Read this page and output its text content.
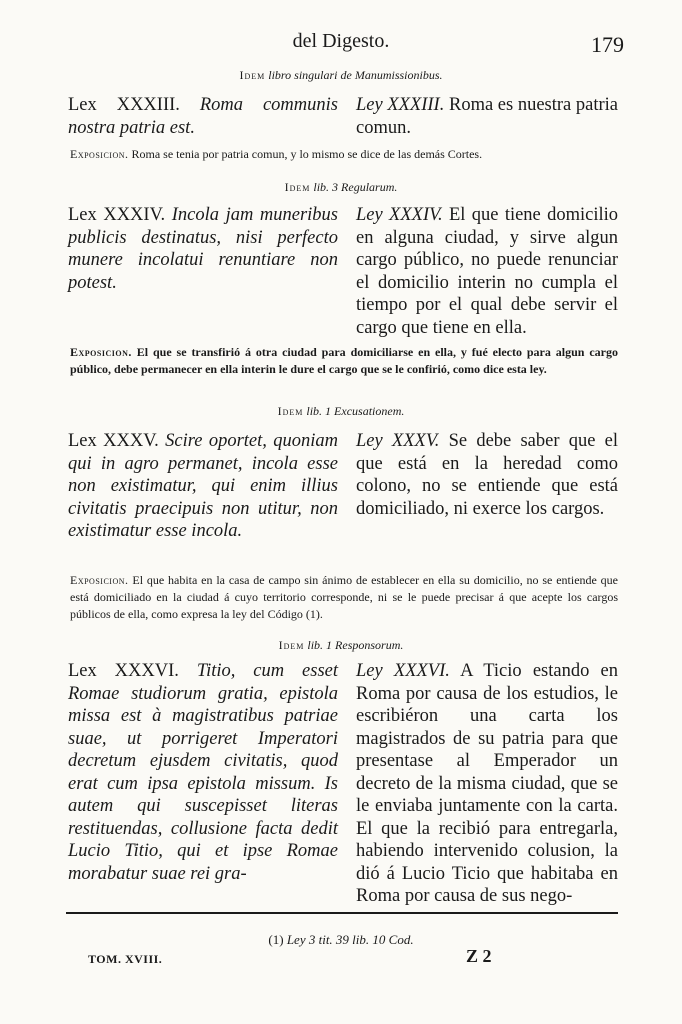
del Digesto.	179
Idem libro singulari de Manumissionibus.

Lex XXXIII. Roma communis nostra patria est.

Ley XXXIII. Roma es nuestra patria comun.

Exposicion. Roma se tenia por patria comun, y lo mismo se dice de las demás Cortes.

Idem lib. 3 Regularum.

Lex XXXIV. Incola jam muneribus publicis destinatus, nisi perfecto munere incolatui renuntiare non potest.

Ley XXXIV. El que tiene domicilio en alguna ciudad, y sirve algun cargo público, no puede renunciar el domicilio interin no cumpla el tiempo por el qual debe servir el cargo que tiene en ella.

Exposicion. El que se transfirió á otra ciudad para domiciliarse en ella, y fué electo para algun cargo público, debe permanecer en ella interin le dure el cargo que se le confirió, como dice esta ley.

Idem lib. 1 Excusationem.

Lex XXXV. Scire oportet, quoniam qui in agro permanet, incola esse non existimatur, qui enim illius civitatis praecipuis non utitur, non existimatur esse incola.

Ley XXXV. Se debe saber que el que está en la heredad como colono, no se entiende que está domiciliado, ni exerce los cargos.

Exposicion. El que habita en la casa de campo sin ánimo de establecer en ella su domicilio, no se entiende que está domiciliado en la ciudad á cuyo territorio corresponde, ni se le puede precisar á que acepte los cargos públicos de ella, como expresa la ley del Código (1).

Idem lib. 1 Responsorum.

Lex XXXVI. Titio, cum esset Romae studiorum gratia, epistola missa est à magistratibus patriae suae, ut porrigeret Imperatori decretum ejusdem civitatis, quod erat cum ipsa epistola missum. Is autem qui suscepisset literas restituendas, collusione facta dedit Lucio Titio, qui et ipse Romae morabatur suae rei gra-

Ley XXXVI. A Ticio estando en Roma por causa de los estudios, le escribiéron una carta los magistrados de su patria para que presentase al Emperador un decreto de la misma ciudad, que se le enviaba juntamente con la carta. El que la recibió para entregarla, habiendo intervenido colusion, la dió á Lucio Ticio que habitaba en Roma por causa de sus nego-

(1) Ley 3 tit. 39 lib. 10 Cod.
TOM. XVIII.	Z 2
